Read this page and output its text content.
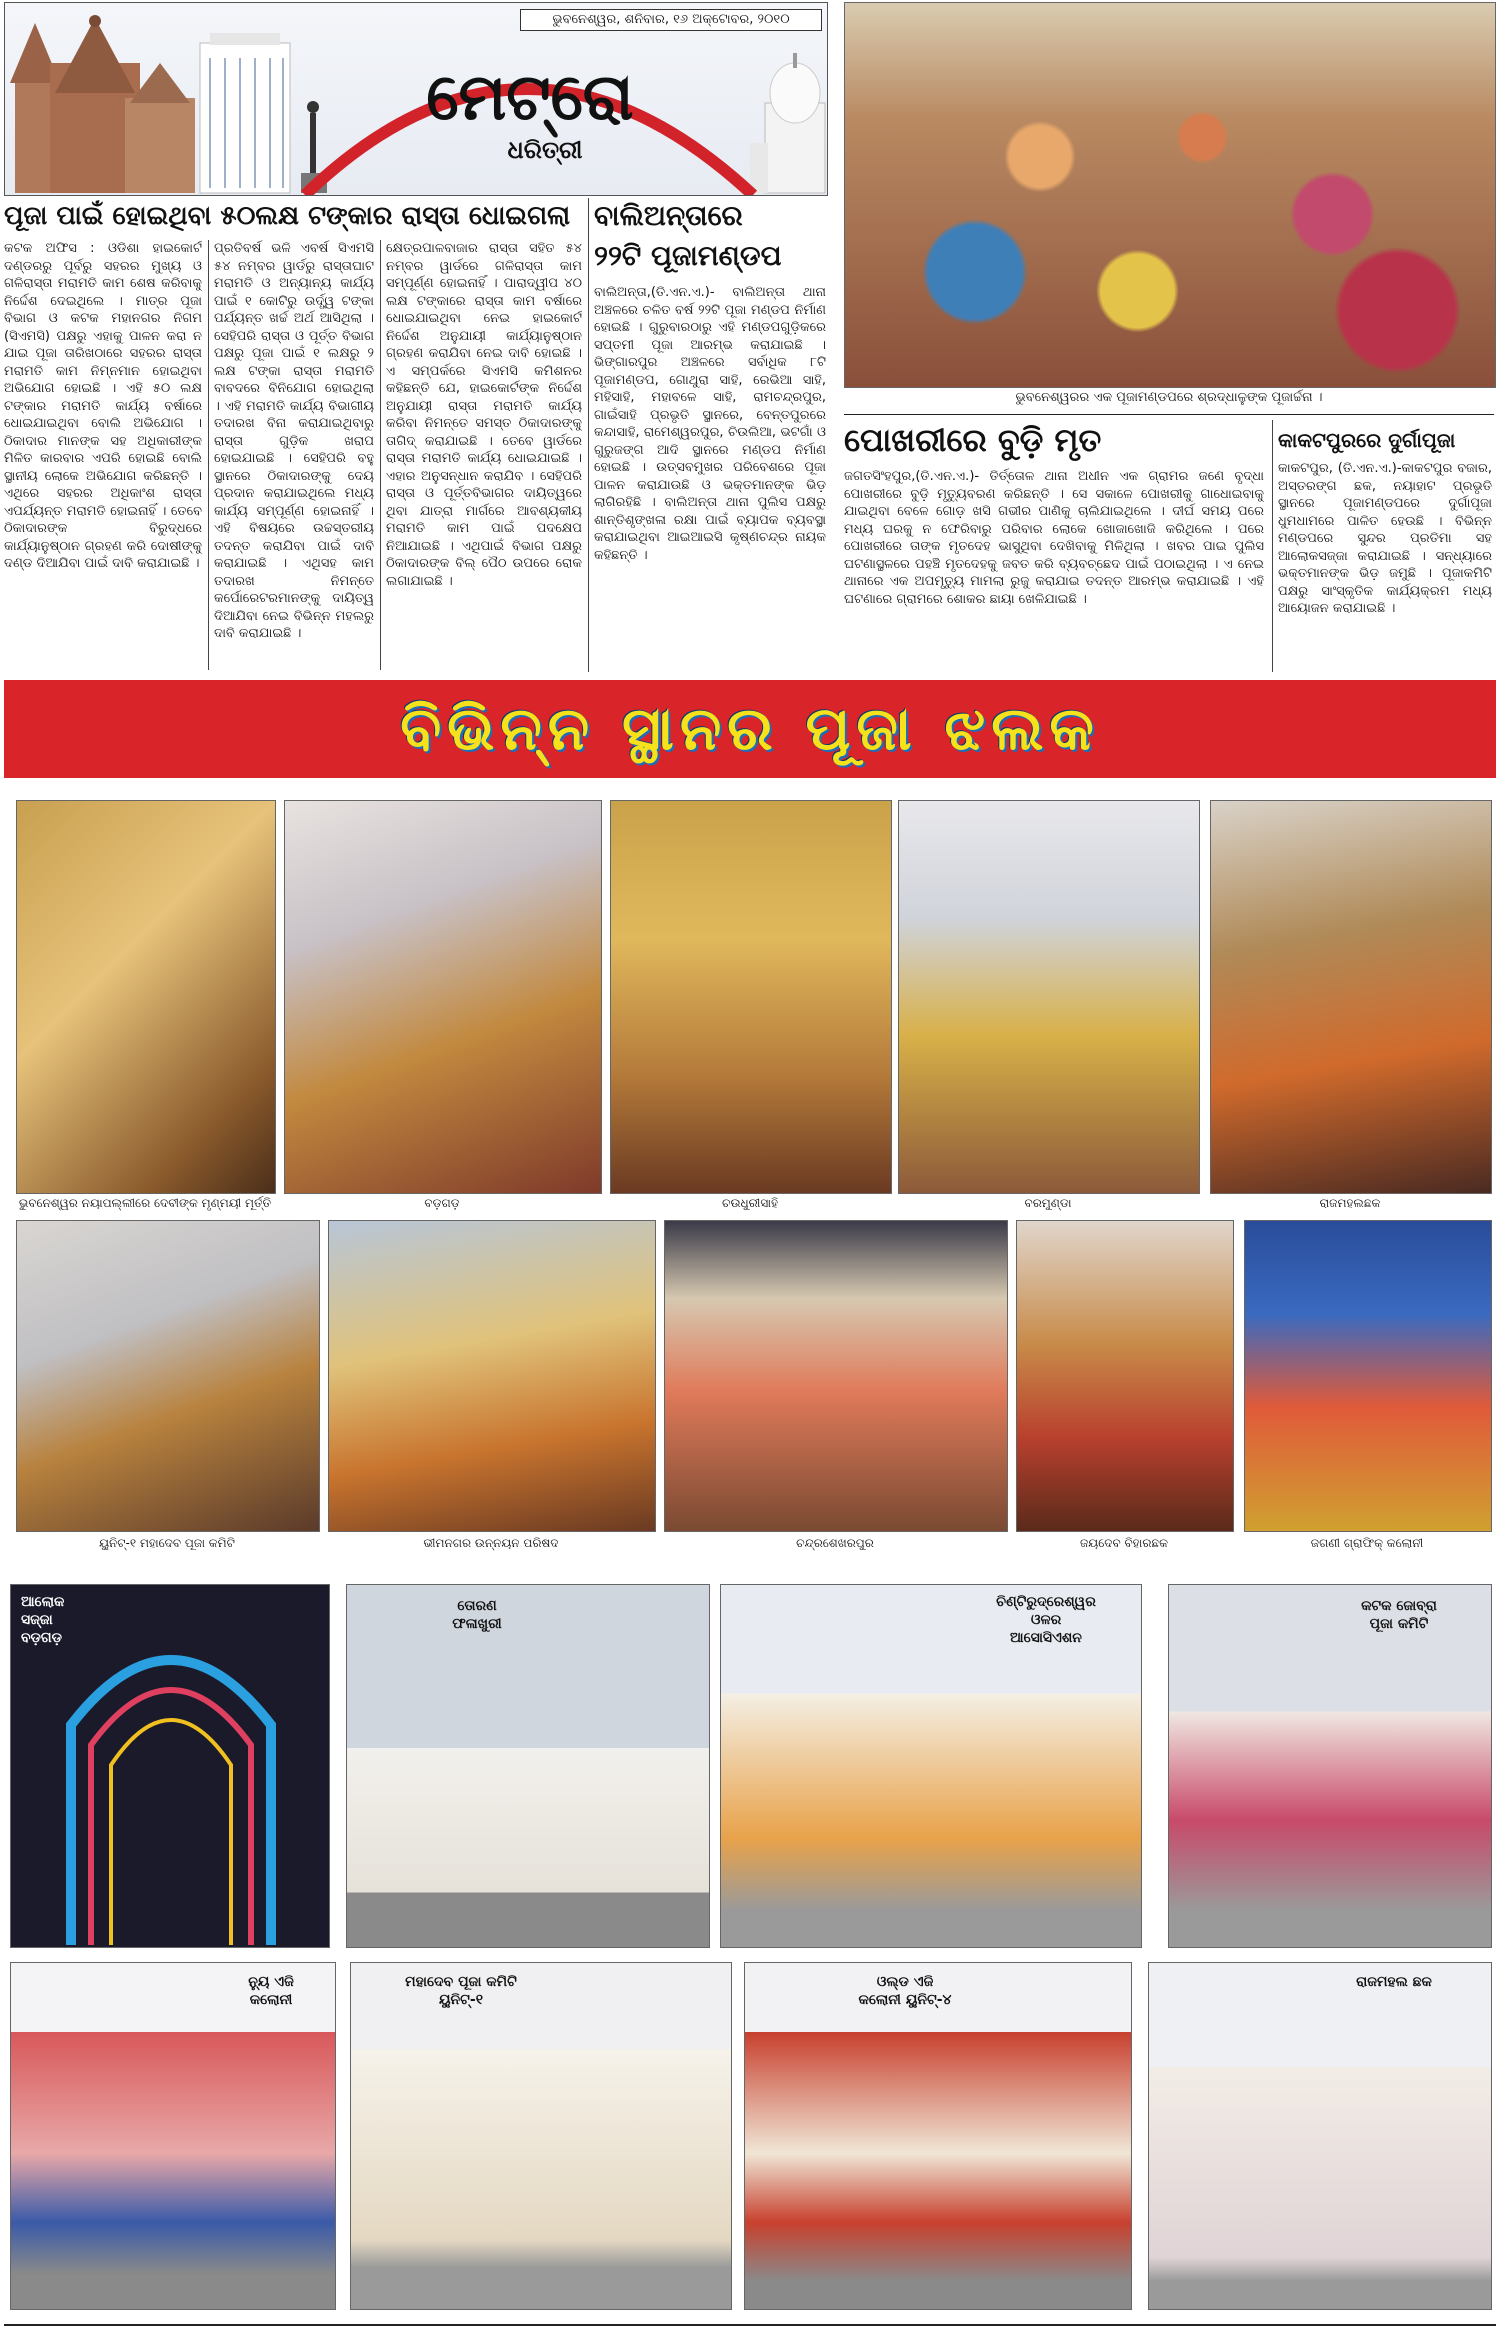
ଭୁବନେଶ୍ୱର, ଶନିବାର, ୧୬ ଅକ୍ଟୋବର, ୨୦୧୦
ମେଟ୍ରୋ
ଧରିତ୍ରୀ
ପୂଜା ପାଇଁ ହୋଇଥିବା ୫୦ଲକ୍ଷ ଟଙ୍କାର ରାସ୍ତା ଧୋଇଗଲା
କଟକ ଅଫିସ : ଓଡିଶା ହାଇକୋର୍ଟ ଦଣ୍ଡରରୁ ପୂର୍ବରୁ ସହରର ମୁଖ୍ୟ ଓ ଗଳିରାସ୍ତା ମରାମତି କାମ ଶେଷ କରିବାକୁ ନିର୍ଦ୍ଦେଶ ଦେଇଥିଲେ । ମାତ୍ର ପୂଜା ବିଭାଗ ଓ କଟକ ମହାନଗର ନିଗମ (ସିଏମସି) ପକ୍ଷରୁ ଏହାକୁ ପାଳନ କରା ନ ଯାଇ ପୂଜା ତାରିଖଠାରେ ସହରର ରାସ୍ତା ମରାମତି କାମ ନିମ୍ନମାନ ହୋଇଥିବା ଅଭିଯୋଗ ହୋଇଛି । ଏହି ୫୦ ଲକ୍ଷ ଟଙ୍କାର ମରାମତି କାର୍ଯ୍ୟ ବର୍ଷାରେ ଧୋଇଯାଇଥିବା ବୋଲି ଅଭିଯୋଗ । ଠିକାଦାର ମାନଙ୍କ ସହ ଅଧିକାରୀଙ୍କ ମିଳିତ କାରବାର ଏପରି ହୋଇଛି ବୋଲି ସ୍ଥାନୀୟ ଲୋକେ ଅଭିଯୋଗ କରିଛନ୍ତି । ଏଥିରେ ସହରର ଅଧିକାଂଶ ରାସ୍ତା ଏପର୍ଯ୍ୟନ୍ତ ମରାମତି ହୋଇନାହିଁ । ତେବେ ଠିକାଦାରଙ୍କ ବିରୁଦ୍ଧରେ କାର୍ଯ୍ୟାନୁଷ୍ଠାନ ଗ୍ରହଣ କରି ଦୋଷୀଙ୍କୁ ଦଣ୍ଡ ଦିଆଯିବା ପାଇଁ ଦାବି କରାଯାଇଛି ।
ପ୍ରତିବର୍ଷ ଭଳି ଏବର୍ଷ ସିଏମସି ୫୪ ନମ୍ବର ୱାର୍ଡରୁ ରାସ୍ତାଘାଟ ମରାମତି ଓ ଅନ୍ୟାନ୍ୟ କାର୍ଯ୍ୟ ପାଇଁ ୧ କୋଟିରୁ ଉର୍ଦ୍ଧ୍ୱ ଟଙ୍କା ପର୍ଯ୍ୟନ୍ତ ଖର୍ଚ୍ଚ ଅର୍ଥ ଆସିଥିଲା । ସେହିପରି ରାସ୍ତା ଓ ପୂର୍ତ୍ତ ବିଭାଗ ପକ୍ଷରୁ ପୂଜା ପାଇଁ ୧ ଲକ୍ଷରୁ ୨ ଲକ୍ଷ ଟଙ୍କା ରାସ୍ତା ମରାମତି ବାବଦରେ ବିନିଯୋଗ ହୋଇଥିଲା । ଏହି ମରାମତି କାର୍ଯ୍ୟ ବିଭାଗୀୟ ତଦାରଖ ବିନା କରାଯାଇଥିବାରୁ ରାସ୍ତା ଗୁଡ଼ିକ ଖରାପ ହୋଇଯାଇଛି । ସେହିପରି ବହୁ ସ୍ଥାନରେ ଠିକାଦାରଙ୍କୁ ଦେୟ ପ୍ରଦାନ କରାଯାଇଥିଲେ ମଧ୍ୟ କାର୍ଯ୍ୟ ସମ୍ପୂର୍ଣ୍ଣ ହୋଇନାହିଁ । ଏହି ବିଷୟରେ ଉଚ୍ଚସ୍ତରୀୟ ତଦନ୍ତ କରାଯିବା ପାଇଁ ଦାବି କରାଯାଇଛି । ଏଥିସହ କାମ ତଦାରଖ ନିମନ୍ତେ କର୍ପୋରେଟରମାନଙ୍କୁ ଦାୟିତ୍ୱ ଦିଆଯିବା ନେଇ ବିଭିନ୍ନ ମହଲରୁ ଦାବି କରାଯାଇଛି ।
କ୍ଷେତ୍ରପାଳବାଜାର ରାସ୍ତା ସହିତ ୫୪ ନମ୍ବର ୱାର୍ଡରେ ଗଳିରାସ୍ତା କାମ ସମ୍ପୂର୍ଣ୍ଣ ହୋଇନାହିଁ । ପାରାଦ୍ୱୀପ ୪୦ ଲକ୍ଷ ଟଙ୍କାରେ ରାସ୍ତା କାମ ବର୍ଷାରେ ଧୋଇଯାଇଥିବା ନେଇ ହାଇକୋର୍ଟ ନିର୍ଦ୍ଦେଶ ଅନୁଯାୟୀ କାର୍ଯ୍ୟାନୁଷ୍ଠାନ ଗ୍ରହଣ କରାଯିବା ନେଇ ଦାବି ହୋଇଛି । ଏ ସମ୍ପର୍କରେ ସିଏମସି କମିଶନର କହିଛନ୍ତି ଯେ, ହାଇକୋର୍ଟଙ୍କ ନିର୍ଦ୍ଦେଶ ଅନୁଯାୟୀ ରାସ୍ତା ମରାମତି କାର୍ଯ୍ୟ କରିବା ନିମନ୍ତେ ସମସ୍ତ ଠିକାଦାରଙ୍କୁ ତାଗିଦ୍ କରାଯାଇଛି । ତେବେ ୱାର୍ଡରେ ରାସ୍ତା ମରାମତି କାର୍ଯ୍ୟ ଧୋଇଯାଇଛି । ଏହାର ଅନୁସନ୍ଧାନ କରାଯିବ । ସେହିପରି ରାସ୍ତା ଓ ପୂର୍ତ୍ତବିଭାଗର ଦାୟିତ୍ୱରେ ଥିବା ଯାତ୍ରା ମାର୍ଗରେ ଆବଶ୍ୟକୀୟ ମରାମତି କାମ ପାଇଁ ପଦକ୍ଷେପ ନିଆଯାଇଛି । ଏଥିପାଇଁ ବିଭାଗ ପକ୍ଷରୁ ଠିକାଦାରଙ୍କ ବିଲ୍ ପୈଠ ଉପରେ ରୋକ ଲଗାଯାଇଛି ।
ବାଲିଅନ୍ତାରେ
୨୨ଟି ପୂଜାମଣ୍ଡପ
ବାଲିଅନ୍ତା,(ତି.ଏନ.ଏ.)- ବାଲିଅନ୍ତା ଥାନା ଅଞ୍ଚଳରେ ଚଳିତ ବର୍ଷ ୨୨ଟି ପୂଜା ମଣ୍ଡପ ନିର୍ମାଣ ହୋଇଛି । ଗୁରୁବାରଠାରୁ ଏହି ମଣ୍ଡପଗୁଡ଼ିକରେ ସପ୍ତମୀ ପୂଜା ଆରମ୍ଭ କରାଯାଇଛି । ଭିଙ୍ଗାରପୁର ଅଞ୍ଚଳରେ ସର୍ବାଧିକ ୮ଟି ପୂଜାମଣ୍ଡପ, ଗୋଥୁରା ସାହି, ରେଭିଆ ସାହି, ମହିସାହି, ମହାବଳେ ସାହି, ରାମଚନ୍ଦ୍ରପୁର, ଗାଇଁସାହି ପ୍ରଭୃତି ସ୍ଥାନରେ, ବେନ୍ତପୁରରେ କନ୍ଦାସାହି, ରାମେଶ୍ୱରପୁର, ଚିଉଲିଆ, ଭଟଗାଁ ଓ ଗୁରୁଜଙ୍ଗ ଆଦି ସ୍ଥାନରେ ମଣ୍ଡପ ନିର୍ମାଣ ହୋଇଛି । ଉତ୍ସବମୁଖର ପରିବେଶରେ ପୂଜା ପାଳନ କରାଯାଉଛି ଓ ଭକ୍ତମାନଙ୍କ ଭିଡ଼ ଲାଗିରହିଛି । ବାଲିଅନ୍ତା ଥାନା ପୁଲିସ ପକ୍ଷରୁ ଶାନ୍ତିଶୃଙ୍ଖଳା ରକ୍ଷା ପାଇଁ ବ୍ୟାପକ ବ୍ୟବସ୍ଥା କରାଯାଇଥିବା ଆଇଆଇସି କୃଷ୍ଣଚନ୍ଦ୍ର ନାୟକ କହିଛନ୍ତି ।
ଭୁବନେଶ୍ୱରର ଏକ ପୂଜାମଣ୍ଡପରେ ଶ୍ରଦ୍ଧାଳୁଙ୍କ ପୂଜାର୍ଚ୍ଚନା ।
ପୋଖରୀରେ ବୁଡ଼ି ମୃତ
ଜଗତସିଂହପୁର,(ତି.ଏନ.ଏ.)- ତିର୍ତ୍ତୋଳ ଥାନା ଅଧୀନ ଏକ ଗ୍ରାମର ଜଣେ ବୃଦ୍ଧା ପୋଖରୀରେ ବୁଡ଼ି ମୃତ୍ୟୁବରଣ କରିଛନ୍ତି । ସେ ସକାଳେ ପୋଖରୀକୁ ଗାଧୋଇବାକୁ ଯାଇଥିବା ବେଳେ ଗୋଡ଼ ଖସି ଗଭୀର ପାଣିକୁ ଚାଲିଯାଇଥିଲେ । ଦୀର୍ଘ ସମୟ ପରେ ମଧ୍ୟ ଘରକୁ ନ ଫେରିବାରୁ ପରିବାର ଲୋକେ ଖୋଜାଖୋଜି କରିଥିଲେ । ପରେ ପୋଖରୀରେ ତାଙ୍କ ମୃତଦେହ ଭାସୁଥିବା ଦେଖିବାକୁ ମିଳିଥିଲା । ଖବର ପାଇ ପୁଲିସ ଘଟଣାସ୍ଥଳରେ ପହଞ୍ଚି ମୃତଦେହକୁ ଜବତ କରି ବ୍ୟବଚ୍ଛେଦ ପାଇଁ ପଠାଇଥିଲା । ଏ ନେଇ ଥାନାରେ ଏକ ଅପମୃତ୍ୟୁ ମାମଲା ରୁଜୁ କରାଯାଇ ତଦନ୍ତ ଆରମ୍ଭ କରାଯାଇଛି । ଏହି ଘଟଣାରେ ଗ୍ରାମରେ ଶୋକର ଛାୟା ଖେଳିଯାଇଛି ।
କାକଟପୁରରେ ଦୁର୍ଗାପୂଜା
କାକଟପୁର, (ତି.ଏନ.ଏ.)-କାକଟପୁର ବଜାର, ଅସ୍ତରଙ୍ଗ ଛକ, ନୟାହାଟ ପ୍ରଭୃତି ସ୍ଥାନରେ ପୂଜାମଣ୍ଡପରେ ଦୁର୍ଗାପୂଜା ଧୁମଧାମରେ ପାଳିତ ହେଉଛି । ବିଭିନ୍ନ ମଣ୍ଡପରେ ସୁନ୍ଦର ପ୍ରତିମା ସହ ଆଲୋକସଜ୍ଜା କରାଯାଇଛି । ସନ୍ଧ୍ୟାରେ ଭକ୍ତମାନଙ୍କ ଭିଡ଼ ଜମୁଛି । ପୂଜାକମିଟି ପକ୍ଷରୁ ସାଂସ୍କୃତିକ କାର୍ଯ୍ୟକ୍ରମ ମଧ୍ୟ ଆୟୋଜନ କରାଯାଇଛି ।
ବିଭିନ୍ନ ସ୍ଥାନର ପୂଜା ଝଲକ
ଭୁବନେଶ୍ୱର ନୟାପଲ୍ଲୀରେ ଦେବୀଙ୍କ ମୃଣ୍ମୟୀ ମୂର୍ତ୍ତି	ବଡ଼ଗଡ଼	ଚଉଧୁରୀସାହି	ବରମୁଣ୍ଡା	ରାଜମହଲଛକ
ୟୁନିଟ୍-୧ ମହାଦେବ ପୂଜା କମିଟି	ଭୀମନଗର ଉନ୍ନୟନ ପରିଷଦ	ଚନ୍ଦ୍ରଶେଖରପୁର	ଜୟଦେବ ବିହାରଛକ	ଜଗଣୀ ଗ୍ରାଫିକ୍ କଲୋନୀ
ଆଲୋକ
ସଜ୍ଜା
ବଡ଼ଗଡ଼
ତୋରଣ
ଫଳାଖୁରୀ
ଚିଣ୍ଟିରୁଦ୍ରେଶ୍ୱର
ଓଳର
ଆସୋସିଏଶନ
କଟକ ଜୋବ୍ରା
ପୂଜା କମିଟି
ନ୍ୟୁ ଏଜି
କଲୋନୀ
ମହାଦେବ ପୂଜା କମିଟି
ୟୁନିଟ୍-୧
ଓଲ୍ଡ ଏଜି
କଲୋନୀ ୟୁନିଟ୍-୪
ରାଜମହଲ ଛକ
